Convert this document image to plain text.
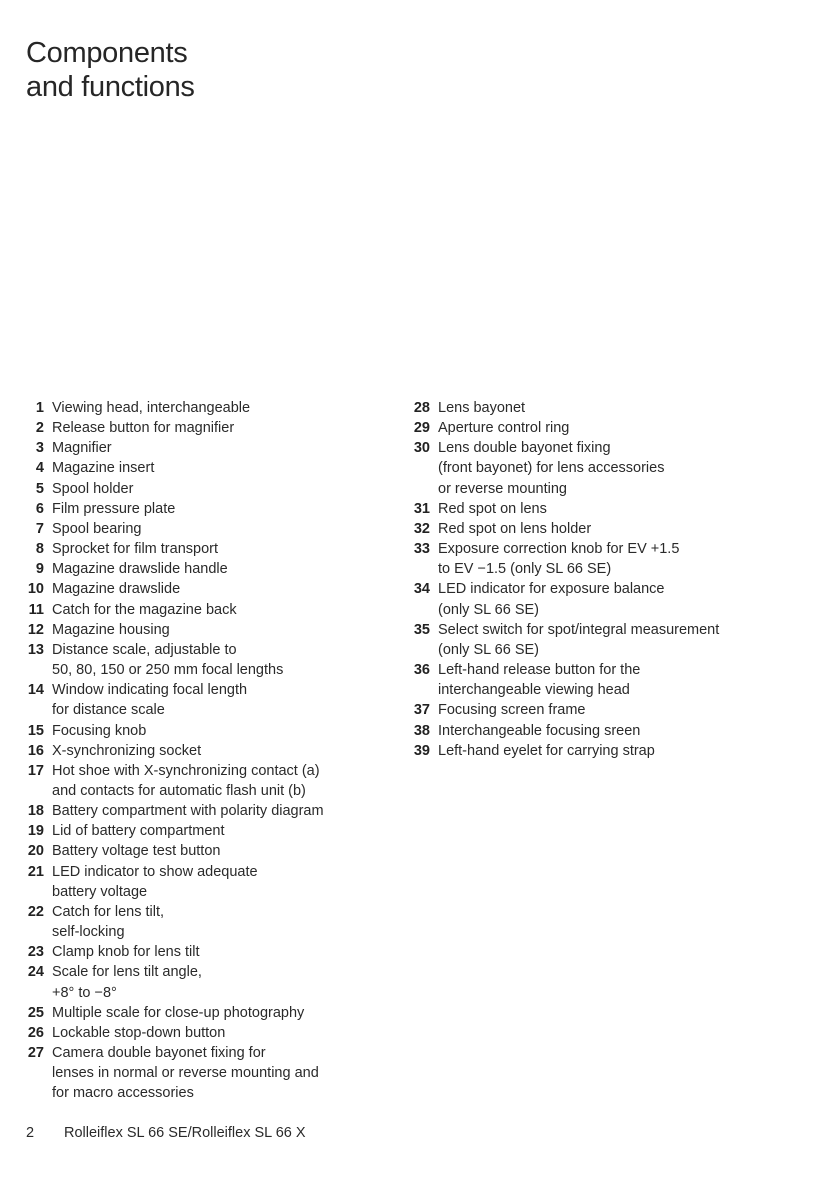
Components
and functions
1 Viewing head, interchangeable
2 Release button for magnifier
3 Magnifier
4 Magazine insert
5 Spool holder
6 Film pressure plate
7 Spool bearing
8 Sprocket for film transport
9 Magazine drawslide handle
10 Magazine drawslide
11 Catch for the magazine back
12 Magazine housing
13 Distance scale, adjustable to
50, 80, 150 or 250 mm focal lengths
14 Window indicating focal length
for distance scale
15 Focusing knob
16 X-synchronizing socket
17 Hot shoe with X-synchronizing contact (a)
and contacts for automatic flash unit (b)
18 Battery compartment with polarity diagram
19 Lid of battery compartment
20 Battery voltage test button
21 LED indicator to show adequate
battery voltage
22 Catch for lens tilt,
self-locking
23 Clamp knob for lens tilt
24 Scale for lens tilt angle,
+8° to −8°
25 Multiple scale for close-up photography
26 Lockable stop-down button
27 Camera double bayonet fixing for
lenses in normal or reverse mounting and
for macro accessories
28 Lens bayonet
29 Aperture control ring
30 Lens double bayonet fixing
(front bayonet) for lens accessories
or reverse mounting
31 Red spot on lens
32 Red spot on lens holder
33 Exposure correction knob for EV +1.5
to EV −1.5 (only SL 66 SE)
34 LED indicator for exposure balance
(only SL 66 SE)
35 Select switch for spot/integral measurement
(only SL 66 SE)
36 Left-hand release button for the
interchangeable viewing head
37 Focusing screen frame
38 Interchangeable focusing sreen
39 Left-hand eyelet for carrying strap
2 Rolleiflex SL 66 SE/Rolleiflex SL 66 X
